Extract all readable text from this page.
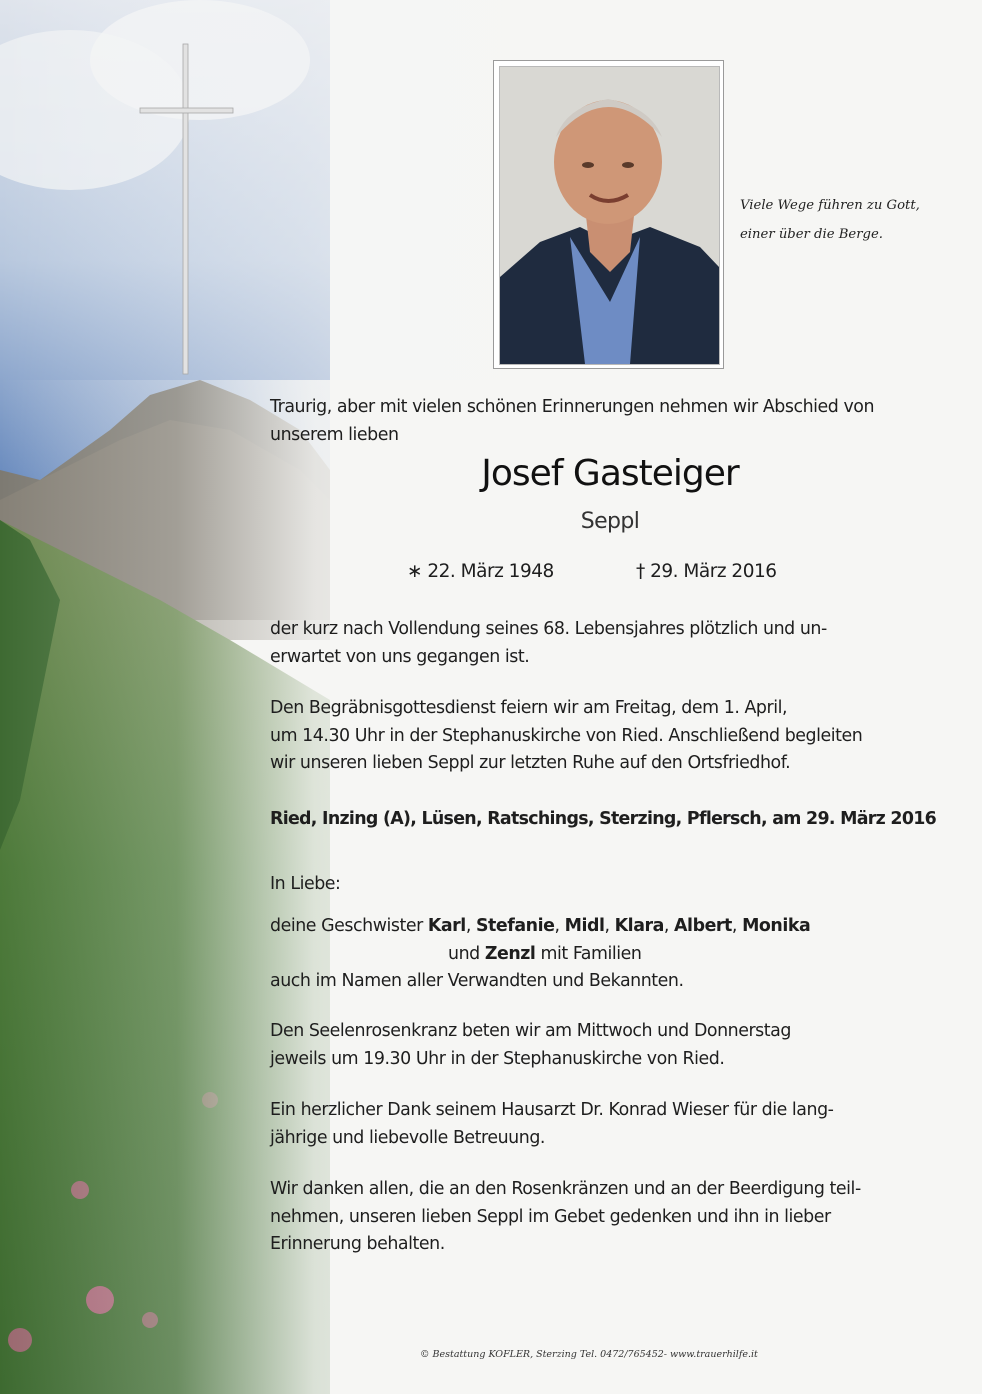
Viele Wege führen zu Gott,
einer über die Berge.
Traurig, aber mit vielen schönen Erinnerungen nehmen wir Abschied von
unserem lieben
Josef Gasteiger
Seppl
∗ 22. März 1948	† 29. März 2016
der kurz nach Vollendung seines 68. Lebensjahres plötzlich und un-
erwartet von uns gegangen ist.
Den Begräbnisgottesdienst feiern wir am Freitag, dem 1. April,
um 14.30 Uhr in der Stephanuskirche von Ried. Anschließend begleiten
wir unseren lieben Seppl zur letzten Ruhe auf den Ortsfriedhof.
Ried, Inzing (A), Lüsen, Ratschings, Sterzing, Pflersch, am 29. März 2016
In Liebe:
deine Geschwister Karl, Stefanie, Midl, Klara, Albert, Monika
und Zenzl mit Familien
auch im Namen aller Verwandten und Bekannten.
Den Seelenrosenkranz beten wir am Mittwoch und Donnerstag
jeweils um 19.30 Uhr in der Stephanuskirche von Ried.
Ein herzlicher Dank seinem Hausarzt Dr. Konrad Wieser für die lang-
jährige und liebevolle Betreuung.
Wir danken allen, die an den Rosenkränzen und an der Beerdigung teil-
nehmen, unseren lieben Seppl im Gebet gedenken und ihn in lieber
Erinnerung behalten.
© Bestattung KOFLER, Sterzing Tel. 0472/765452- www.trauerhilfe.it
